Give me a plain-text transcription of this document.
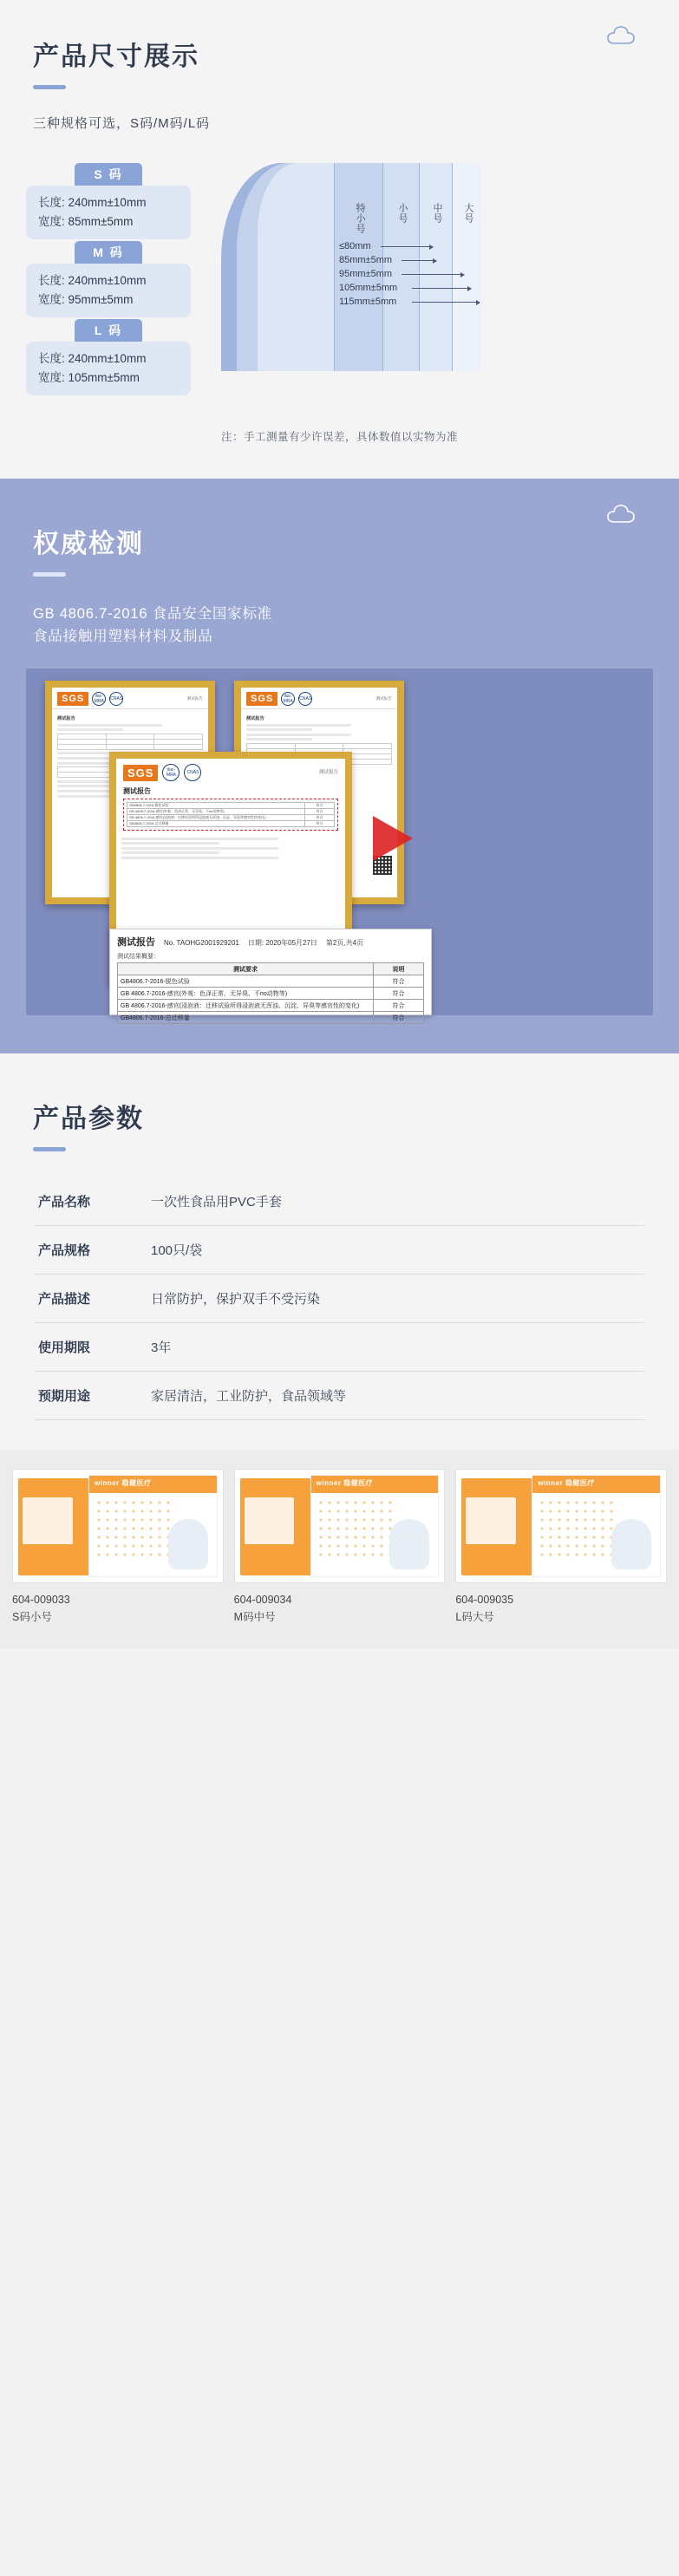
产品尺寸展示
三种规格可选，S码/M码/L码
特小号	小号	中号 大号
≤80mm
85mm±5mm
95mm±5mm
105mm±5mm
115mm±5mm
S 码
长度: 240mm±10mm
宽度: 85mm±5mm
M 码
长度: 240mm±10mm
宽度: 95mm±5mm
L 码
长度: 240mm±10mm
宽度: 105mm±5mm
注：手工测量有少许误差，具体数值以实物为准
权威检测
GB 4806.7-2016 食品安全国家标准
食品接触用塑料材料及制品
SGS	ilac-MRA	CNAS	测试报告
测试报告

SGS	ilac-MRA	CNAS	测试报告
测试报告

SGS	ilac-MRA	CNAS	测试报告
测试报告
GB4806.7-2016-脱色试验	符合
GB 4806.7-2016-感官(外观：色泽正常、无异臭、不по动物等)	符合
GB 4806.7-2016-感官(浸泡液：迁移试验所得浸泡液无浑浊、沉淀、异臭等感官性的变化)	符合
GB4806.7-2016-总迁移量	符合
测试报告 No. TAOHG2001929201 日期: 2020年05月27日 第2页,共4页
测试结果概要：
测试要求	说明
GB4806.7-2016-脱色试验	符合
GB 4806.7-2016-感官(外观：色泽正常、无异臭、不по动物等)	符合
GB 4806.7-2016-感官(浸泡液：迁移试验所得浸泡液无浑浊、沉淀、异臭等感官性的变化)	符合
GB4806.7-2016-总迁移量	符合
产品参数
产品名称	一次性食品用PVC手套
产品规格	100只/袋
产品描述	日常防护，保护双手不受污染
使用期限	3年
预期用途	家居清洁，工业防护，食品领域等
winner 稳健医疗
604-009033
S码小号
winner 稳健医疗
604-009034
M码中号
winner 稳健医疗
604-009035
L码大号
